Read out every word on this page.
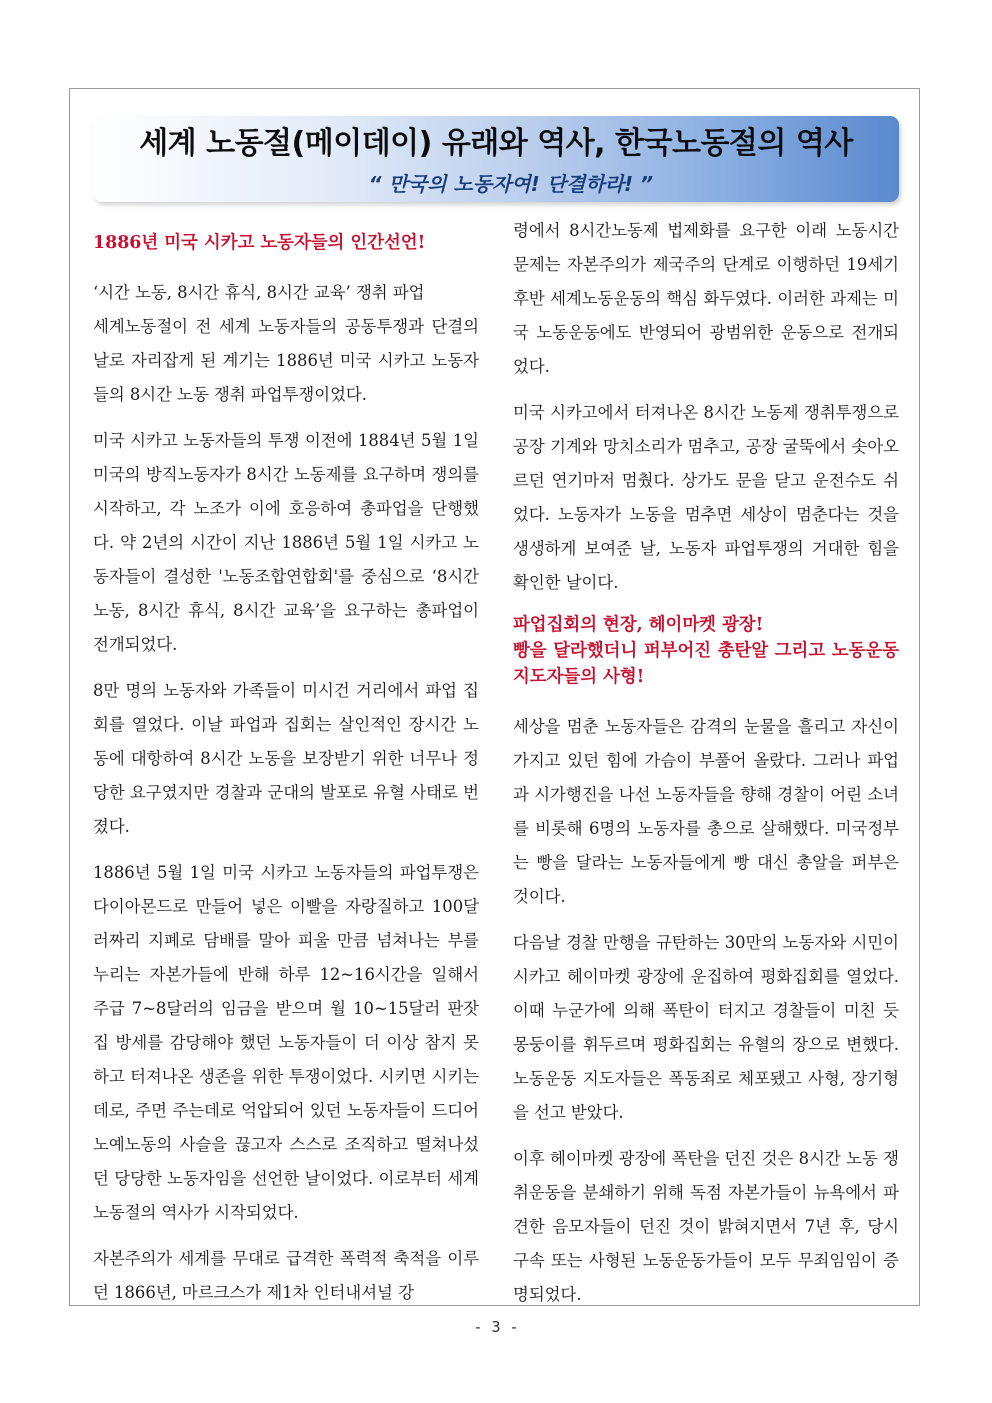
세계 노동절(메이데이) 유래와 역사, 한국노동절의 역사
“ 만국의 노동자여! 단결하라! ”
1886년 미국 시카고 노동자들의 인간선언!

‘시간 노동, 8시간 휴식, 8시간 교육’ 쟁취 파업

세계노동절이 전 세계 노동자들의 공동투쟁과 단결의 날로 자리잡게 된 계기는 1886년 미국 시카고 노동자들의 8시간 노동 쟁취 파업투쟁이었다.

미국 시카고 노동자들의 투쟁 이전에 1884년 5월 1일 미국의 방직노동자가 8시간 노동제를 요구하며 쟁의를 시작하고, 각 노조가 이에 호응하여 총파업을 단행했다. 약 2년의 시간이 지난 1886년 5월 1일 시카고 노동자들이 결성한 '노동조합연합회'를 중심으로 ‘8시간 노동, 8시간 휴식, 8시간 교육’을 요구하는 총파업이 전개되었다.

8만 명의 노동자와 가족들이 미시건 거리에서 파업 집회를 열었다. 이날 파업과 집회는 살인적인 장시간 노동에 대항하여 8시간 노동을 보장받기 위한 너무나 정당한 요구였지만 경찰과 군대의 발포로 유혈 사태로 번졌다.

1886년 5월 1일 미국 시카고 노동자들의 파업투쟁은 다이아몬드로 만들어 넣은 이빨을 자랑질하고 100달러짜리 지폐로 담배를 말아 피울 만큼 넘쳐나는 부를 누리는 자본가들에 반해 하루 12~16시간을 일해서 주급 7~8달러의 임금을 받으며 월 10~15달러 판잣집 방세를 감당해야 했던 노동자들이 더 이상 참지 못하고 터져나온 생존을 위한 투쟁이었다. 시키면 시키는데로, 주면 주는데로 억압되어 있던 노동자들이 드디어 노예노동의 사슬을 끊고자 스스로 조직하고 떨쳐나섰던 당당한 노동자임을 선언한 날이었다. 이로부터 세계노동절의 역사가 시작되었다.

자본주의가 세계를 무대로 급격한 폭력적 축적을 이루던 1866년, 마르크스가 제1차 인터내셔널 강

령에서 8시간노동제 법제화를 요구한 이래 노동시간 문제는 자본주의가 제국주의 단계로 이행하던 19세기 후반 세계노동운동의 핵심 화두였다. 이러한 과제는 미국 노동운동에도 반영되어 광범위한 운동으로 전개되었다.

미국 시카고에서 터져나온 8시간 노동제 쟁취투쟁으로 공장 기계와 망치소리가 멈추고, 공장 굴뚝에서 솟아오르던 연기마저 멈췄다. 상가도 문을 닫고 운전수도 쉬었다. 노동자가 노동을 멈추면 세상이 멈춘다는 것을 생생하게 보여준 날, 노동자 파업투쟁의 거대한 힘을 확인한 날이다.

파업집회의 현장, 헤이마켓 광장!
빵을 달라했더니 퍼부어진 총탄알 그리고 노동운동 지도자들의 사형!

세상을 멈춘 노동자들은 감격의 눈물을 흘리고 자신이 가지고 있던 힘에 가슴이 부풀어 올랐다. 그러나 파업과 시가행진을 나선 노동자들을 향해 경찰이 어린 소녀를 비롯해 6명의 노동자를 총으로 살해했다. 미국정부는 빵을 달라는 노동자들에게 빵 대신 총알을 퍼부은 것이다.

다음날 경찰 만행을 규탄하는 30만의 노동자와 시민이 시카고 헤이마켓 광장에 운집하여 평화집회를 열었다. 이때 누군가에 의해 폭탄이 터지고 경찰들이 미친 듯 몽둥이를 휘두르며 평화집회는 유혈의 장으로 변했다. 노동운동 지도자들은 폭동죄로 체포됐고 사형, 장기형을 선고 받았다.

이후 헤이마켓 광장에 폭탄을 던진 것은 8시간 노동 쟁취운동을 분쇄하기 위해 독점 자본가들이 뉴욕에서 파견한 음모자들이 던진 것이 밝혀지면서 7년 후, 당시 구속 또는 사형된 노동운동가들이 모두 무죄임임이 증명되었다.

- 3 -
